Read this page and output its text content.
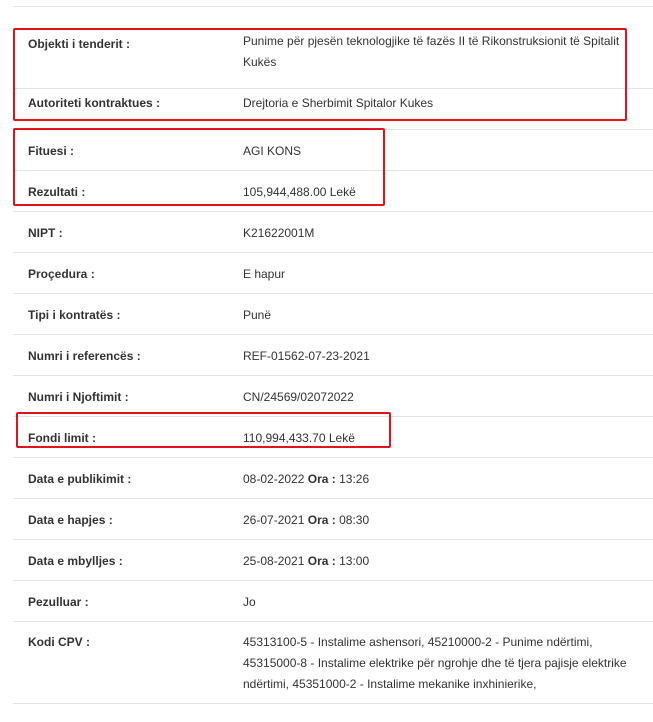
Objekti i tenderit :	Punime për pjesën teknologjike të fazës II të Rikonstruksionit të Spitalit Kukës
Autoriteti kontraktues :	Drejtoria e Sherbimit Spitalor Kukes
Fituesi :	AGI KONS
Rezultati :	105,944,488.00 Lekë
NIPT :	K21622001M
Proçedura :	E hapur
Tipi i kontratës :	Punë
Numri i referencës :	REF-01562-07-23-2021
Numri i Njoftimit :	CN/24569/02072022
Fondi limit :	110,994,433.70 Lekë
Data e publikimit :	08-02-2022 Ora : 13:26
Data e hapjes :	26-07-2021 Ora : 08:30
Data e mbylljes :	25-08-2021 Ora : 13:00
Pezulluar :	Jo
Kodi CPV :	45313100-5 - Instalime ashensori, 45210000-2 - Punime ndërtimi, 45315000-8 - Instalime elektrike për ngrohje dhe të tjera pajisje elektrike ndërtimi, 45351000-2 - Instalime mekanike inxhinierike,
